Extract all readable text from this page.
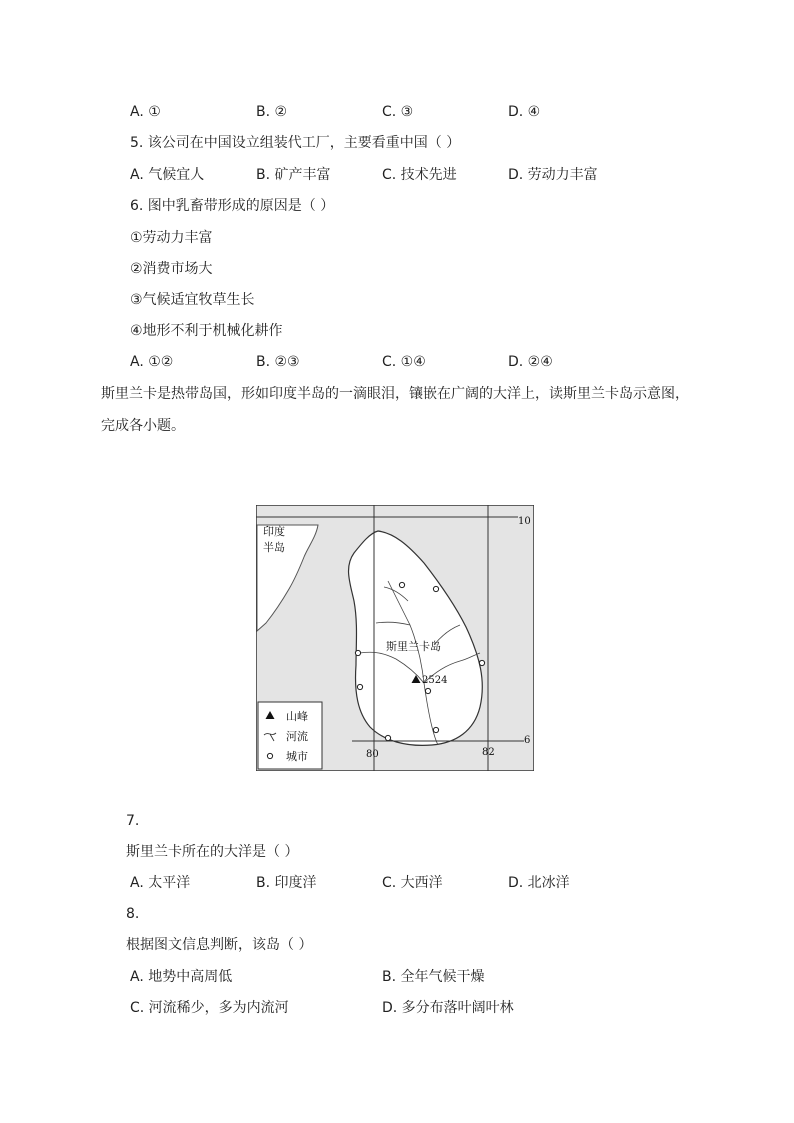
A. ①	B. ②	C. ③	D. ④
5. 该公司在中国设立组装代工厂，主要看重中国（ ）
A. 气候宜人	B. 矿产丰富	C. 技术先进	D. 劳动力丰富
6. 图中乳畜带形成的原因是（ ）
①劳动力丰富
②消费市场大
③气候适宜牧草生长
④地形不利于机械化耕作
A. ①②	B. ②③	C. ①④	D. ②④
斯里兰卡是热带岛国，形如印度半岛的一滴眼泪，镶嵌在广阔的大洋上，读斯里兰卡岛示意图，完成各小题。
2524
印度
半岛
斯里兰卡岛
10
6
80	82
山峰
河流
城市
7.
斯里兰卡所在的大洋是（ ）
A. 太平洋	B. 印度洋	C. 大西洋	D. 北冰洋
8.
根据图文信息判断，该岛（ ）
A. 地势中高周低	B. 全年气候干燥
C. 河流稀少，多为内流河	D. 多分布落叶阔叶林
